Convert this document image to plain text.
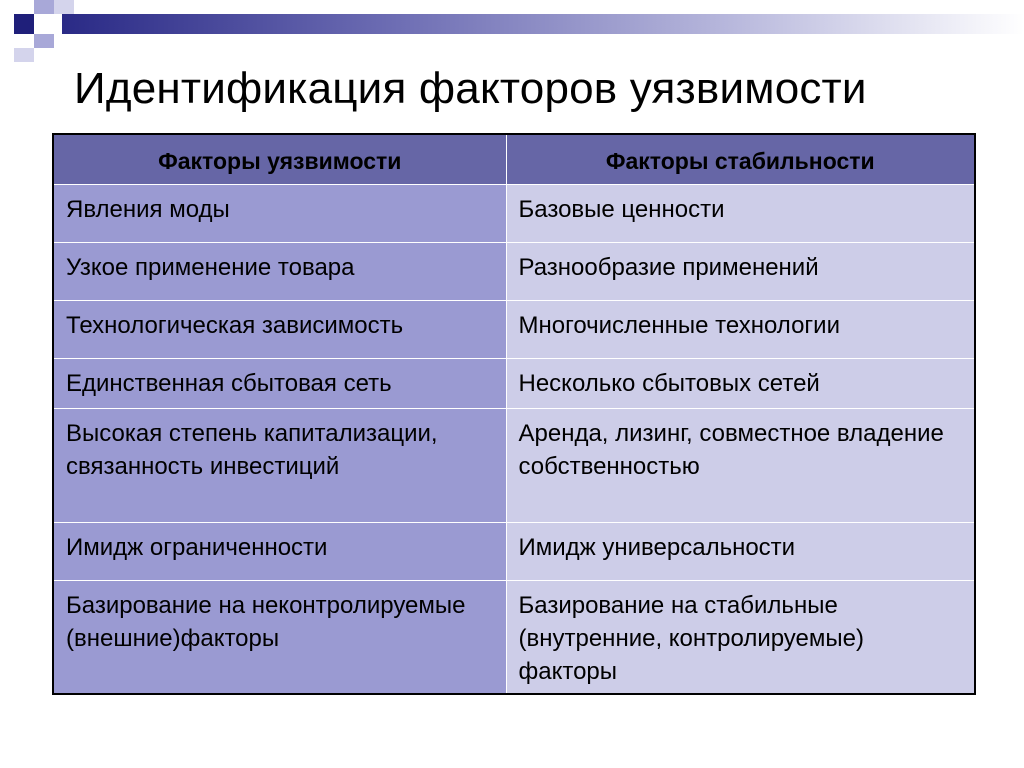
Идентификация факторов уязвимости
Факторы уязвимости	Факторы стабильности
Явления моды	Базовые ценности
Узкое применение товара	Разнообразие применений
Технологическая зависимость	Многочисленные технологии
Единственная сбытовая сеть	Несколько сбытовых сетей
Высокая степень капитализации, связанность инвестиций	Аренда, лизинг, совместное владение собственностью
Имидж ограниченности	Имидж универсальности
Базирование на неконтролируемые (внешние)факторы	Базирование на стабильные (внутренние, контролируемые) факторы
